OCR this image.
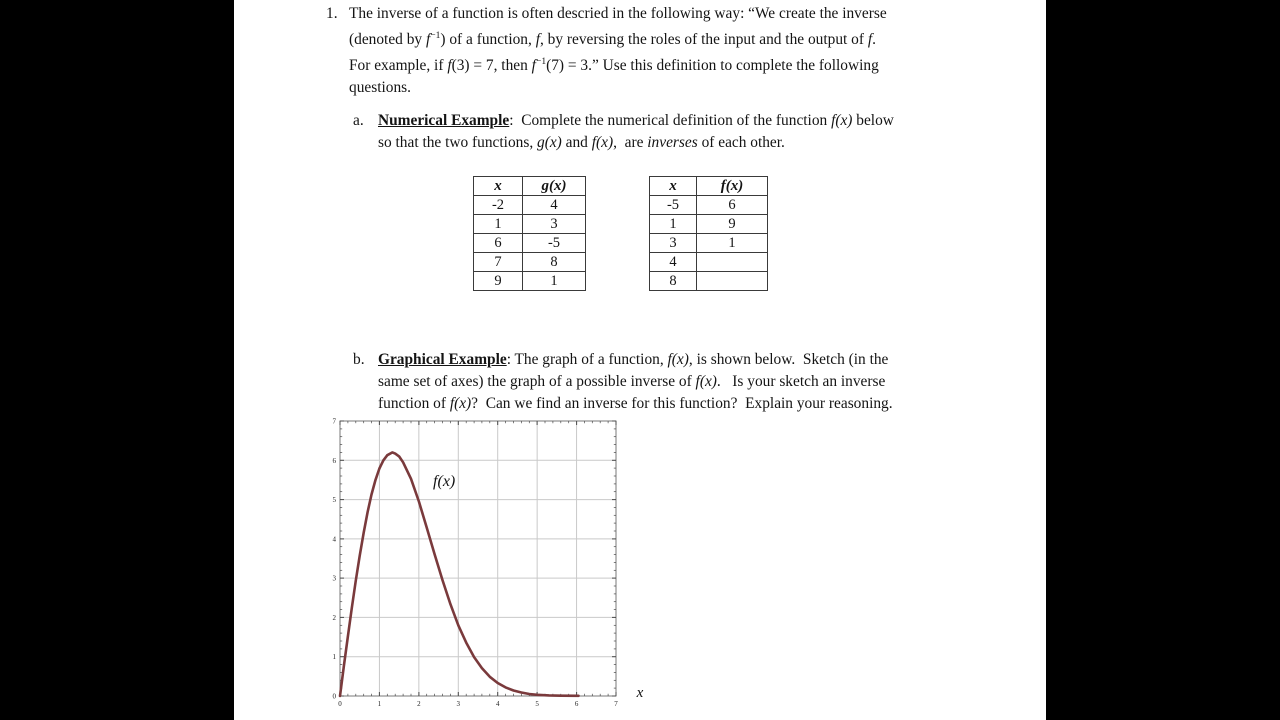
1. The inverse of a function is often descried in the following way: “We create the inverse
(denoted by $f^{-1}$) of a function, f, by reversing the roles of the input and the output of f.
For example, if f(3) = 7, then $f^{-1}(7) = 3$.” Use this definition to complete the following
questions.
a. Numerical Example:  Complete the numerical definition of the function f(x) below
so that the two functions, g(x) and f(x),  are inverses of each other.
x	g(x)
-2	4
1	3
6	-5
7	8
9	1
x	f(x)
-5	6
1	9
3	1
4	
8	
b. Graphical Example: The graph of a function, f(x), is shown below.  Sketch (in the
same set of axes) the graph of a possible inverse of f(x).   Is your sketch an inverse
function of f(x)?  Can we find an inverse for this function?  Explain your reasoning.
0	1	2	3	4	5	6	7
0
1
2
3
4
5
6
7
f(x)
x
